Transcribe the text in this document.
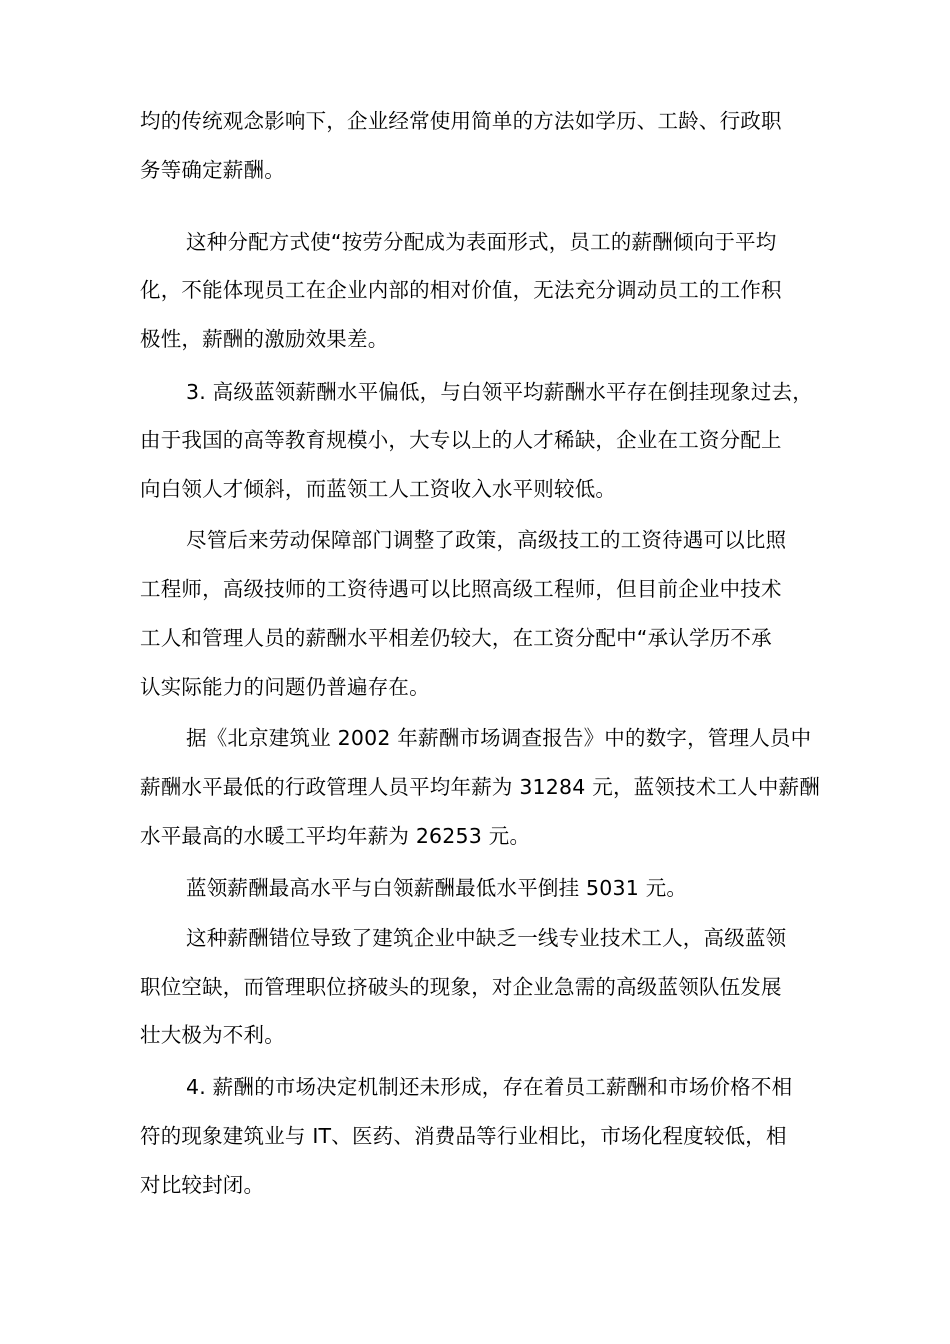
均的传统观念影响下，企业经常使用简单的方法如学历、工龄、行政职
务等确定薪酬。
这种分配方式使“按劳分配成为表面形式，员工的薪酬倾向于平均
化，不能体现员工在企业内部的相对价值，无法充分调动员工的工作积
极性，薪酬的激励效果差。
3. 高级蓝领薪酬水平偏低，与白领平均薪酬水平存在倒挂现象过去，
由于我国的高等教育规模小，大专以上的人才稀缺，企业在工资分配上
向白领人才倾斜，而蓝领工人工资收入水平则较低。
尽管后来劳动保障部门调整了政策，高级技工的工资待遇可以比照
工程师，高级技师的工资待遇可以比照高级工程师，但目前企业中技术
工人和管理人员的薪酬水平相差仍较大，在工资分配中“承认学历不承
认实际能力的问题仍普遍存在。
据《北京建筑业 2002 年薪酬市场调查报告》中的数字，管理人员中
薪酬水平最低的行政管理人员平均年薪为 31284 元，蓝领技术工人中薪酬
水平最高的水暖工平均年薪为 26253 元。
蓝领薪酬最高水平与白领薪酬最低水平倒挂 5031 元。
这种薪酬错位导致了建筑企业中缺乏一线专业技术工人，高级蓝领
职位空缺，而管理职位挤破头的现象，对企业急需的高级蓝领队伍发展
壮大极为不利。
4. 薪酬的市场决定机制还未形成，存在着员工薪酬和市场价格不相
符的现象建筑业与 IT、医药、消费品等行业相比，市场化程度较低，相
对比较封闭。
